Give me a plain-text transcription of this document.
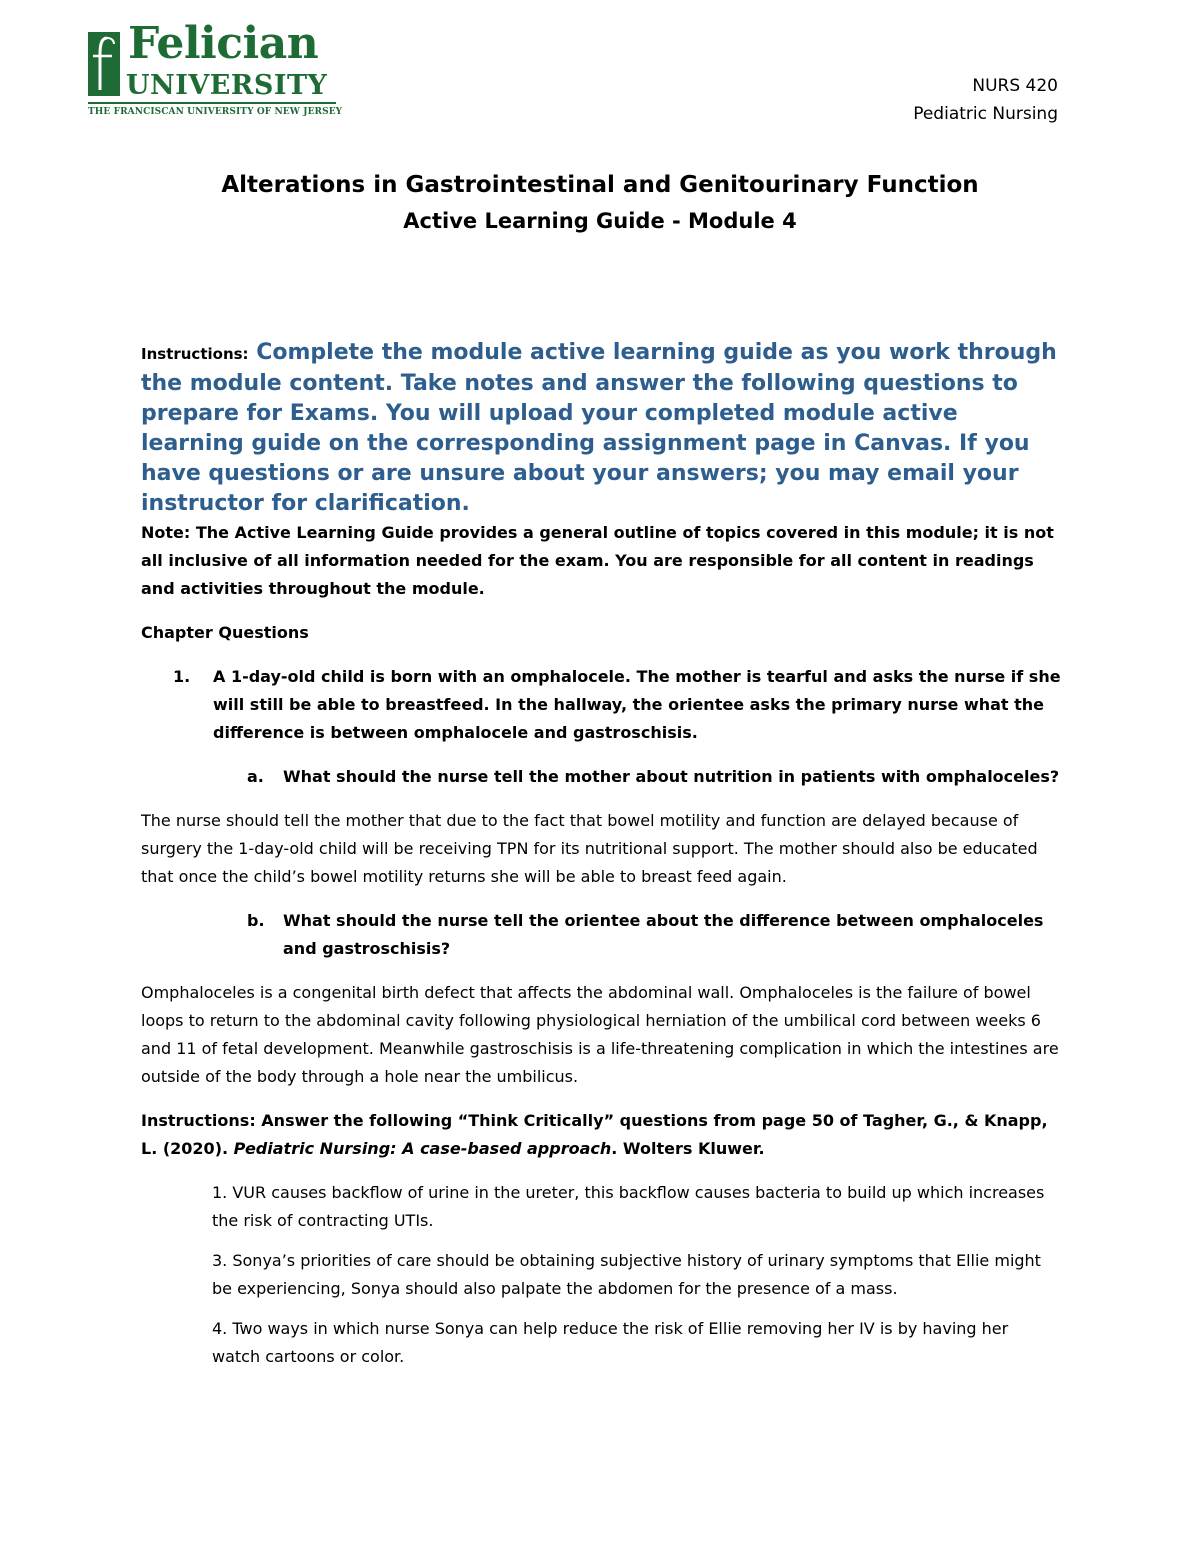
Felician
UNIVERSITY
THE FRANCISCAN UNIVERSITY OF NEW JERSEY
NURS 420
Pediatric Nursing
Alterations in Gastrointestinal and Genitourinary Function
Active Learning Guide - Module 4

Instructions: Complete the module active learning guide as you work through the module content. Take notes and answer the following questions to prepare for Exams. You will upload your completed module active learning guide on the corresponding assignment page in Canvas. If you have questions or are unsure about your answers; you may email your instructor for clarification.

Note: The Active Learning Guide provides a general outline of topics covered in this module; it is not all inclusive of all information needed for the exam. You are responsible for all content in readings and activities throughout the module.

Chapter Questions

1.	A 1-day-old child is born with an omphalocele. The mother is tearful and asks the nurse if she will still be able to breastfeed. In the hallway, the orientee asks the primary nurse what the difference is between omphalocele and gastroschisis.
a.	What should the nurse tell the mother about nutrition in patients with omphaloceles?

The nurse should tell the mother that due to the fact that bowel motility and function are delayed because of surgery the 1-day-old child will be receiving TPN for its nutritional support. The mother should also be educated that once the child’s bowel motility returns she will be able to breast feed again.

b.	What should the nurse tell the orientee about the difference between omphaloceles and gastroschisis?

Omphaloceles is a congenital birth defect that affects the abdominal wall. Omphaloceles is the failure of bowel loops to return to the abdominal cavity following physiological herniation of the umbilical cord between weeks 6 and 11 of fetal development. Meanwhile gastroschisis is a life-threatening complication in which the intestines are outside of the body through a hole near the umbilicus.

Instructions: Answer the following “Think Critically” questions from page 50 of Tagher, G., & Knapp, L. (2020). Pediatric Nursing: A case-based approach. Wolters Kluwer.

1. VUR causes backflow of urine in the ureter, this backflow causes bacteria to build up which increases the risk of contracting UTIs.

3. Sonya’s priorities of care should be obtaining subjective history of urinary symptoms that Ellie might be experiencing, Sonya should also palpate the abdomen for the presence of a mass.

4. Two ways in which nurse Sonya can help reduce the risk of Ellie removing her IV is by having her watch cartoons or color.
